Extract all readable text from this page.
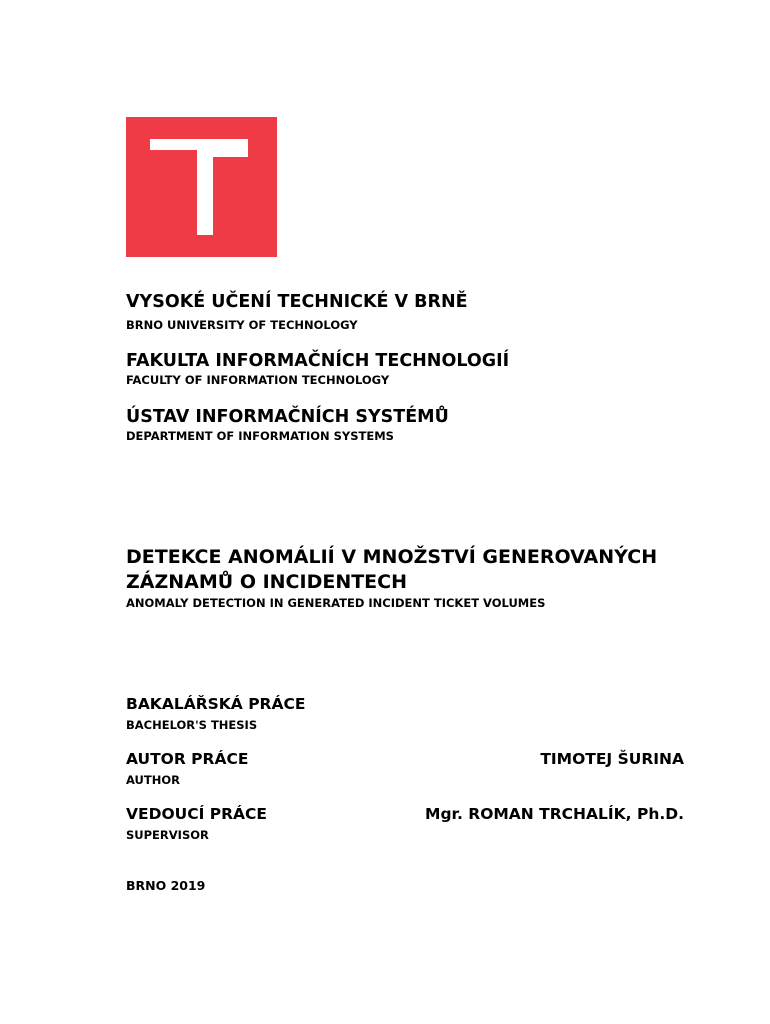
VYSOKÉ UČENÍ TECHNICKÉ V BRNĚ
BRNO UNIVERSITY OF TECHNOLOGY
FAKULTA INFORMAČNÍCH TECHNOLOGIÍ
FACULTY OF INFORMATION TECHNOLOGY
ÚSTAV INFORMAČNÍCH SYSTÉMŮ
DEPARTMENT OF INFORMATION SYSTEMS
DETEKCE ANOMÁLIÍ V MNOŽSTVÍ GENEROVANÝCH
ZÁZNAMŮ O INCIDENTECH
ANOMALY DETECTION IN GENERATED INCIDENT TICKET VOLUMES
BAKALÁŘSKÁ PRÁCE
BACHELOR'S THESIS
AUTOR PRÁCE
AUTHOR
TIMOTEJ ŠURINA
VEDOUCÍ PRÁCE
SUPERVISOR
Mgr. ROMAN TRCHALÍK, Ph.D.
BRNO 2019
